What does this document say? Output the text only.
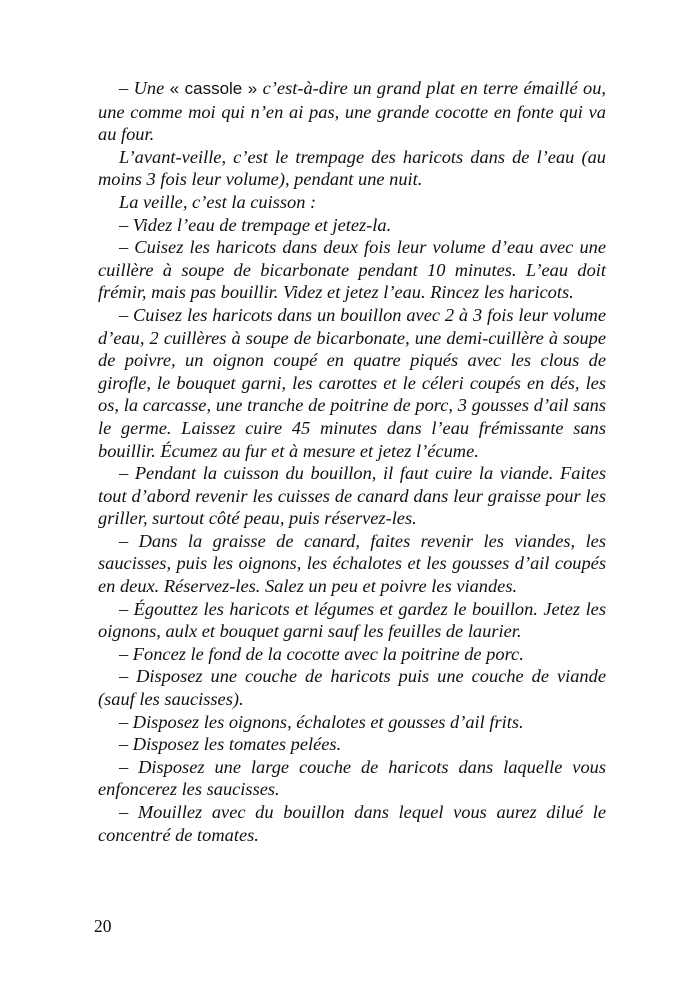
– Une « cassole » c’est-à-dire un grand plat en terre émaillé ou, une comme moi qui n’en ai pas, une grande cocotte en fonte qui va au four.

L’avant-veille, c’est le trempage des haricots dans de l’eau (au moins 3 fois leur volume), pendant une nuit.

La veille, c’est la cuisson :

– Videz l’eau de trempage et jetez-la.

– Cuisez les haricots dans deux fois leur volume d’eau avec une cuillère à soupe de bicarbonate pendant 10 minutes. L’eau doit frémir, mais pas bouillir. Videz et jetez l’eau. Rincez les haricots.

– Cuisez les haricots dans un bouillon avec 2 à 3 fois leur volume d’eau, 2 cuillères à soupe de bicarbonate, une demi-cuillère à soupe de poivre, un oignon coupé en quatre piqués avec les clous de girofle, le bouquet garni, les carottes et le céleri coupés en dés, les os, la carcasse, une tranche de poitrine de porc, 3 gousses d’ail sans le germe. Laissez cuire 45 minutes dans l’eau frémissante sans bouillir. Écumez au fur et à mesure et jetez l’écume.

– Pendant la cuisson du bouillon, il faut cuire la viande. Faites tout d’abord revenir les cuisses de canard dans leur graisse pour les griller, surtout côté peau, puis réservez-les.

– Dans la graisse de canard, faites revenir les viandes, les saucisses, puis les oignons, les échalotes et les gousses d’ail coupés en deux. Réservez-les. Salez un peu et poivre les viandes.

– Égouttez les haricots et légumes et gardez le bouillon. Jetez les oignons, aulx et bouquet garni sauf les feuilles de laurier.

– Foncez le fond de la cocotte avec la poitrine de porc.

– Disposez une couche de haricots puis une couche de viande (sauf les saucisses).

– Disposez les oignons, échalotes et gousses d’ail frits.

– Disposez les tomates pelées.

– Disposez une large couche de haricots dans laquelle vous enfoncerez les saucisses.

– Mouillez avec du bouillon dans lequel vous aurez dilué le concentré de tomates.

20
